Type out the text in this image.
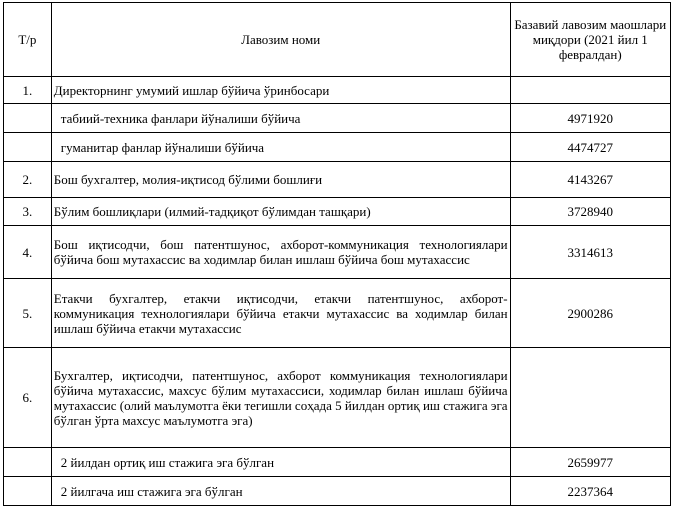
Т/р	Лавозим номи	Базавий лавозим маошлари миқдори (2021 йил 1 февралдан)
1.	Директорнинг умумий ишлар бўйича ўринбосари	
	табиий-техника фанлари йўналиши бўйича	4971920
	гуманитар фанлар йўналиши бўйича	4474727
2.	Бош бухгалтер, молия-иқтисод бўлими бошлиғи	4143267
3.	Бўлим бошлиқлари (илмий-тадқиқот бўлимдан ташқари)	3728940
4.	Бош иқтисодчи, бош патентшунос, ахборот-коммуникация технологиялари бўйича бош мутахассис ва ходимлар билан ишлаш бўйича бош мутахассис	3314613
5.	Етакчи бухгалтер, етакчи иқтисодчи, етакчи патентшунос, ахборот-коммуникация технологиялари бўйича етакчи мутахассис ва ходимлар билан ишлаш бўйича етакчи мутахассис	2900286
6.	Бухгалтер, иқтисодчи, патентшунос, ахборот коммуникация технологиялари бўйича мутахассис, махсус бўлим мутахассиси, ходимлар билан ишлаш бўйича мутахассис (олий маълумотга ёки тегишли соҳада 5 йилдан ортиқ иш стажига эга бўлган ўрта махсус маълумотга эга)	
	2 йилдан ортиқ иш стажига эга бўлган	2659977
	2 йилгача иш стажига эга бўлган	2237364
